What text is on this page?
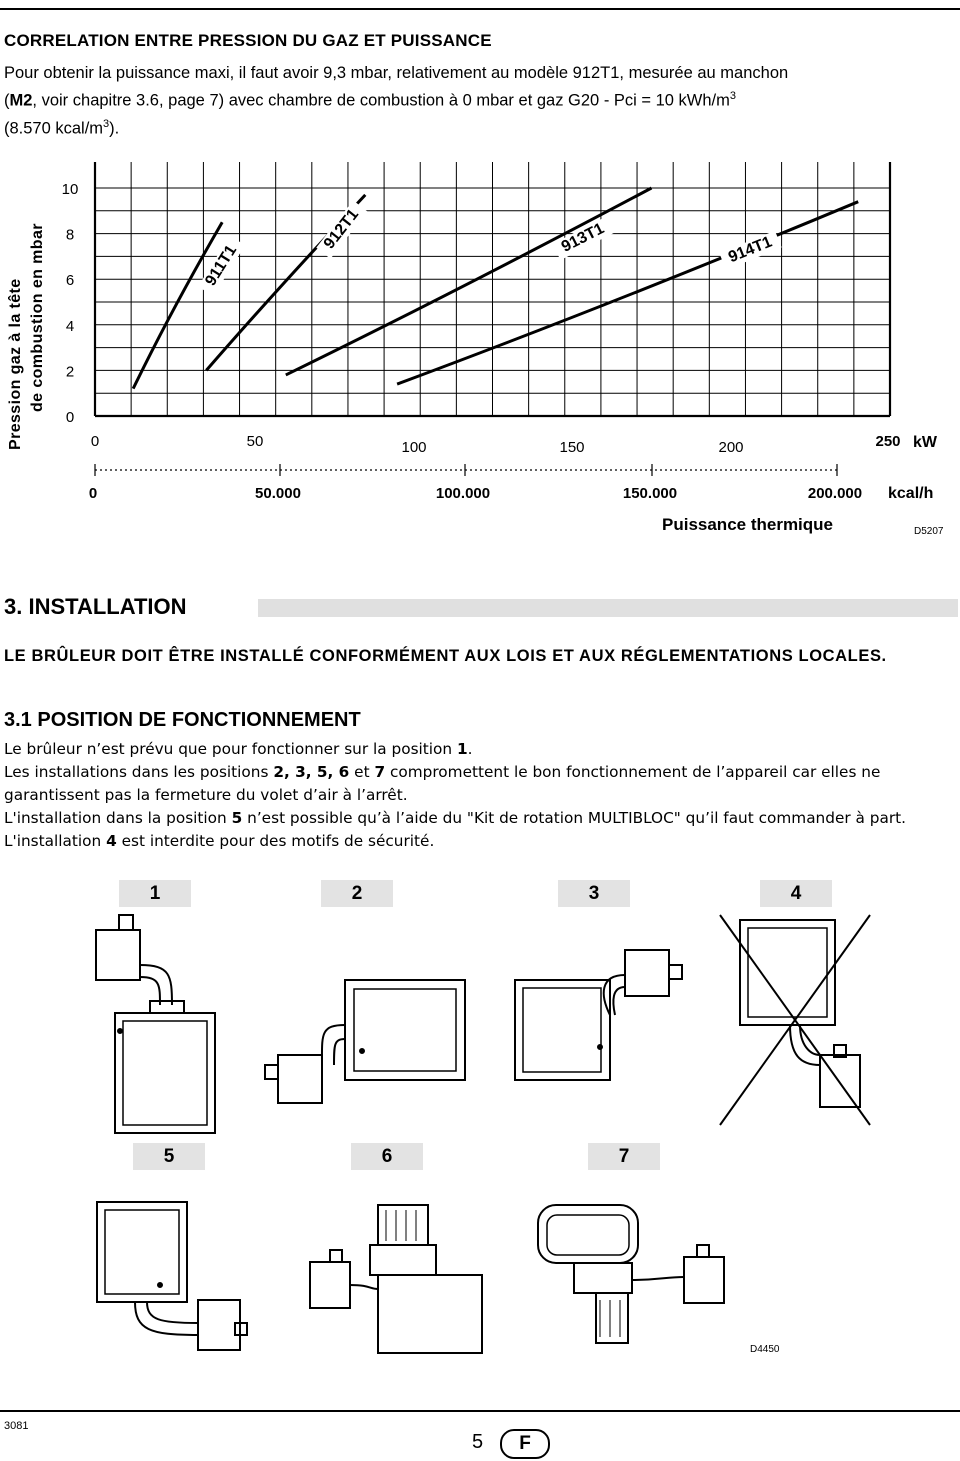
CORRELATION ENTRE PRESSION DU GAZ ET PUISSANCE
Pour obtenir la puissance maxi, il faut avoir 9,3 mbar, relativement au modèle 912T1, mesurée au manchon
(M2, voir chapitre 3.6, page 7) avec chambre de combustion à 0 mbar et gaz G20 - Pci = 10 kWh/$m^3$
(8.570 kcal/$m^3$).
10
8
6
4
2
0
0	50	100	150	200	250
0	50.000	100.000	150.000	200.000
911T1
912T1	913T1	914T1
Pression gaz à la tête de combustion en mbar
kW
kcal/h
Puissance thermique	D5207
3. INSTALLATION
LE BRÛLEUR DOIT ÊTRE INSTALLÉ CONFORMÉMENT AUX LOIS ET AUX RÉGLEMENTATIONS LOCALES.
3.1 POSITION DE FONCTIONNEMENT
Le brûleur n’est prévu que pour fonctionner sur la position 1.
Les installations dans les positions 2, 3, 5, 6 et 7 compromettent le bon fonctionnement de l’appareil car elles ne garantissent pas la fermeture du volet d’air à l’arrêt.
L'installation dans la position 5 n’est possible qu’à l’aide du "Kit de rotation MULTIBLOC" qu’il faut commander à part. L'installation 4 est interdite pour des motifs de sécurité.
1	2	3	4
5	6	7
D4450
3081
5	F
